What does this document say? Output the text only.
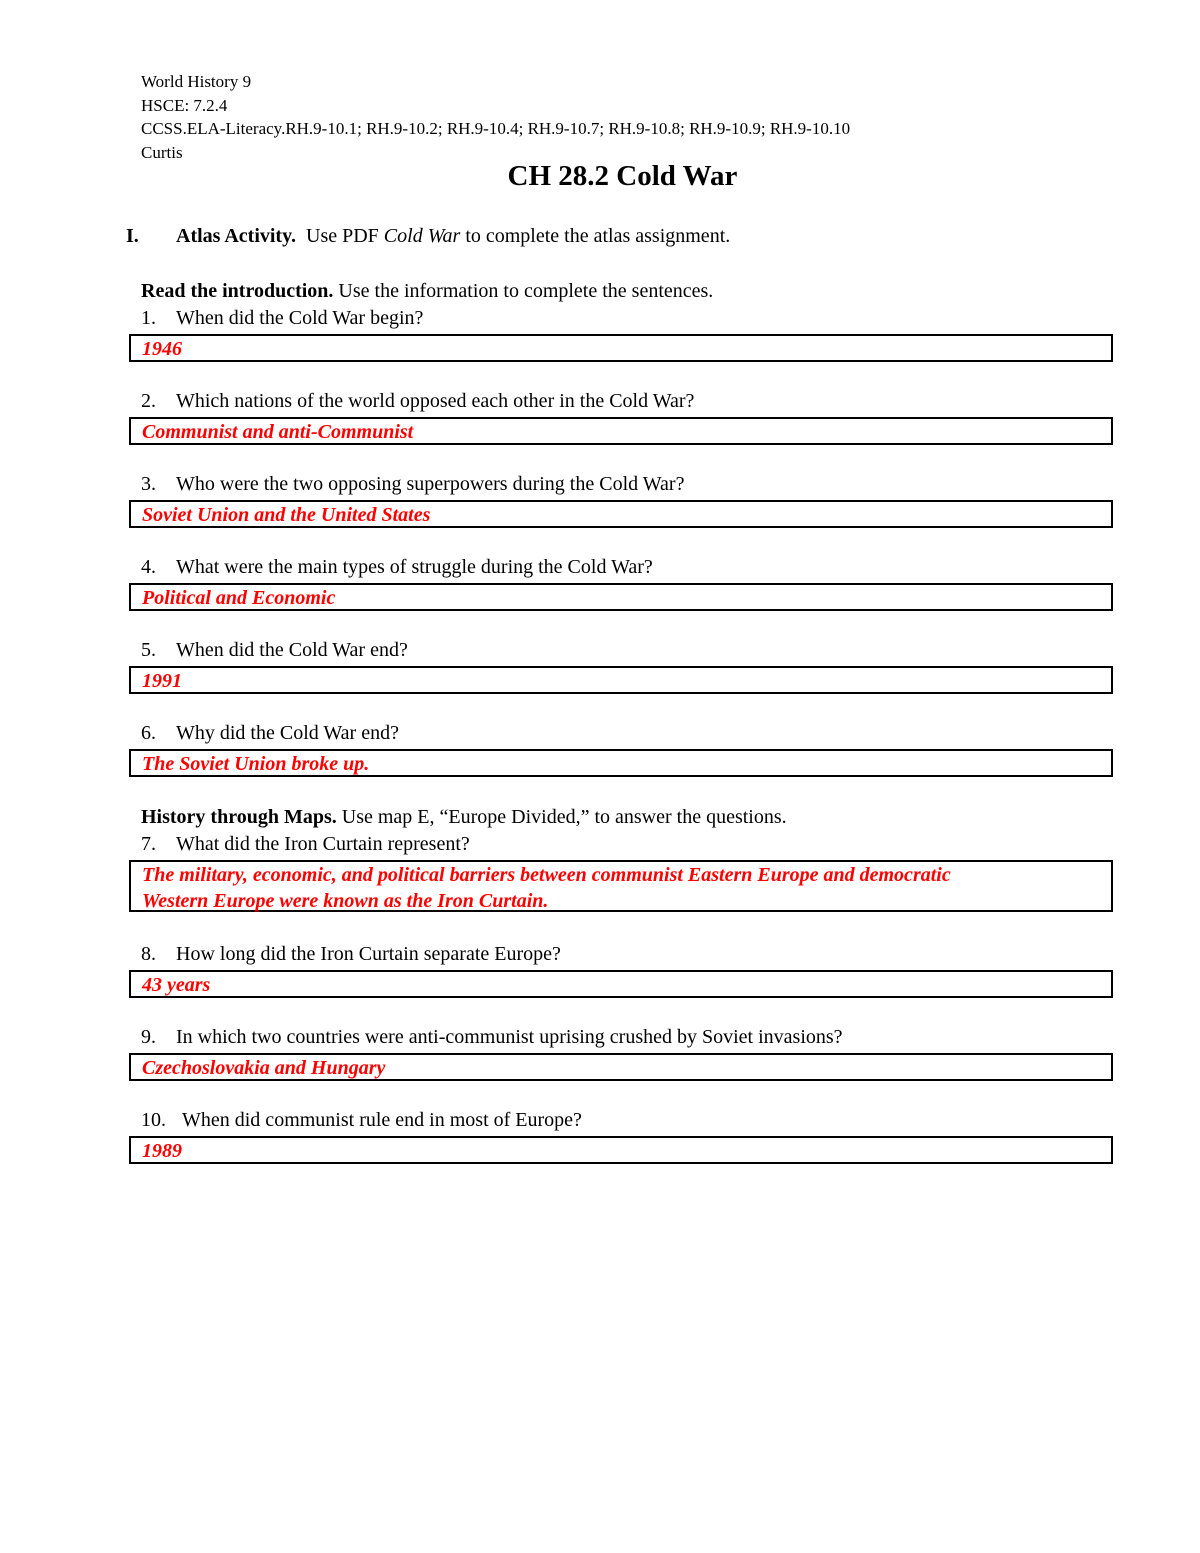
World History 9
HSCE: 7.2.4
CCSS.ELA-Literacy.RH.9-10.1; RH.9-10.2; RH.9-10.4; RH.9-10.7; RH.9-10.8; RH.9-10.9; RH.9-10.10
Curtis
CH 28.2 Cold War
I. Atlas Activity.  Use PDF Cold War to complete the atlas assignment.
Read the introduction. Use the information to complete the sentences.
1. When did the Cold War begin?
1946
2. Which nations of the world opposed each other in the Cold War?
Communist and anti-Communist
3. Who were the two opposing superpowers during the Cold War?
Soviet Union and the United States
4. What were the main types of struggle during the Cold War?
Political and Economic
5. When did the Cold War end?
1991
6. Why did the Cold War end?
The Soviet Union broke up.
History through Maps. Use map E, “Europe Divided,” to answer the questions.
7. What did the Iron Curtain represent?
The military, economic, and political barriers between communist Eastern Europe and democratic
Western Europe were known as the Iron Curtain.
8. How long did the Iron Curtain separate Europe?
43 years
9. In which two countries were anti-communist uprising crushed by Soviet invasions?
Czechoslovakia and Hungary
10. When did communist rule end in most of Europe?
1989
